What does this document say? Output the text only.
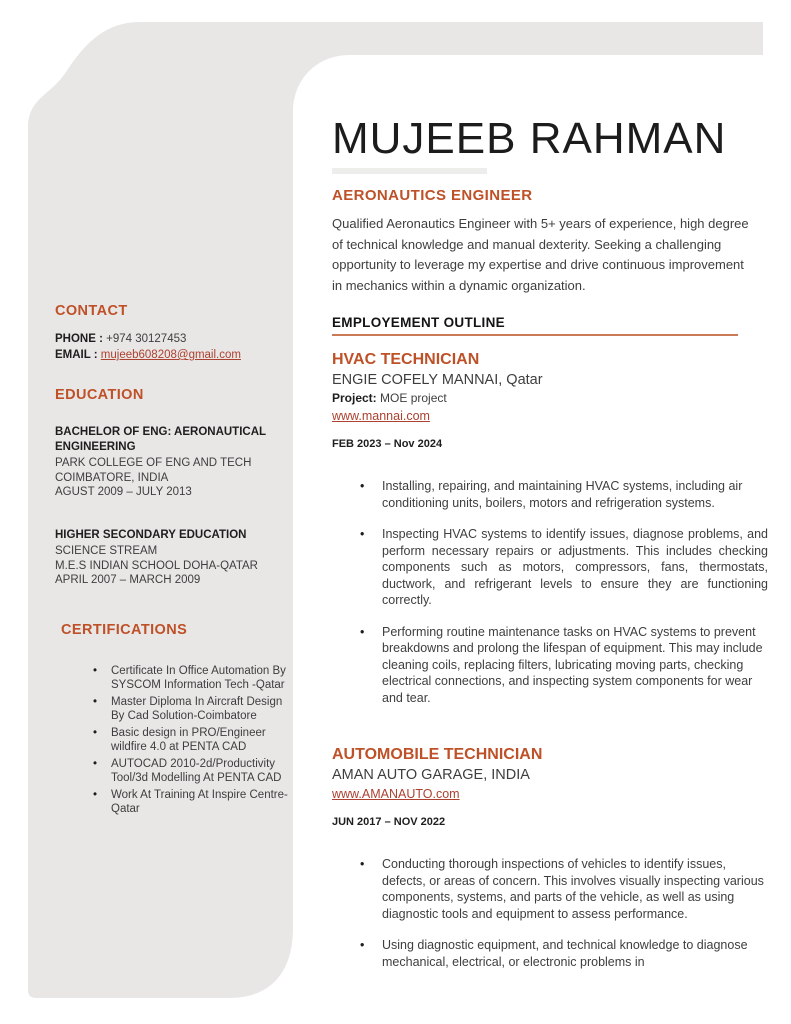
CONTACT
PHONE : +974 30127453
EMAIL : mujeeb608208@gmail.com
EDUCATION
BACHELOR OF ENG: AERONAUTICAL ENGINEERING
PARK COLLEGE OF ENG AND TECH
COIMBATORE, INDIA
AGUST 2009 – JULY 2013
HIGHER SECONDARY EDUCATION
SCIENCE STREAM
M.E.S INDIAN SCHOOL DOHA-QATAR
APRIL 2007 – MARCH 2009
CERTIFICATIONS
• Certificate In Office Automation By SYSCOM Information Tech -Qatar
• Master Diploma In Aircraft Design By Cad Solution-Coimbatore
• Basic design in PRO/Engineer wildfire 4.0 at PENTA CAD
• AUTOCAD 2010-2d/Productivity Tool/3d Modelling At PENTA CAD
• Work At Training At Inspire Centre- Qatar
MUJEEB RAHMAN
AERONAUTICS ENGINEER

Qualified Aeronautics Engineer with 5+ years of experience, high degree of technical knowledge and manual dexterity. Seeking a challenging opportunity to leverage my expertise and drive continuous improvement in mechanics within a dynamic organization.

EMPLOYEMENT OUTLINE
HVAC TECHNICIAN
ENGIE COFELY MANNAI, Qatar
Project: MOE project
www.mannai.com
FEB 2023 – Nov 2024
• Installing, repairing, and maintaining HVAC systems, including air conditioning units, boilers, motors and refrigeration systems.
• Inspecting HVAC systems to identify issues, diagnose problems, and perform necessary repairs or adjustments. This includes checking components such as motors, compressors, fans, thermostats, ductwork, and refrigerant levels to ensure they are functioning correctly.
• Performing routine maintenance tasks on HVAC systems to prevent breakdowns and prolong the lifespan of equipment. This may include cleaning coils, replacing filters, lubricating moving parts, checking electrical connections, and inspecting system components for wear and tear.
AUTOMOBILE TECHNICIAN
AMAN AUTO GARAGE, INDIA
www.AMANAUTO.com
JUN 2017 – NOV 2022
• Conducting thorough inspections of vehicles to identify issues, defects, or areas of concern. This involves visually inspecting various components, systems, and parts of the vehicle, as well as using diagnostic tools and equipment to assess performance.
• Using diagnostic equipment, and technical knowledge to diagnose mechanical, electrical, or electronic problems in
